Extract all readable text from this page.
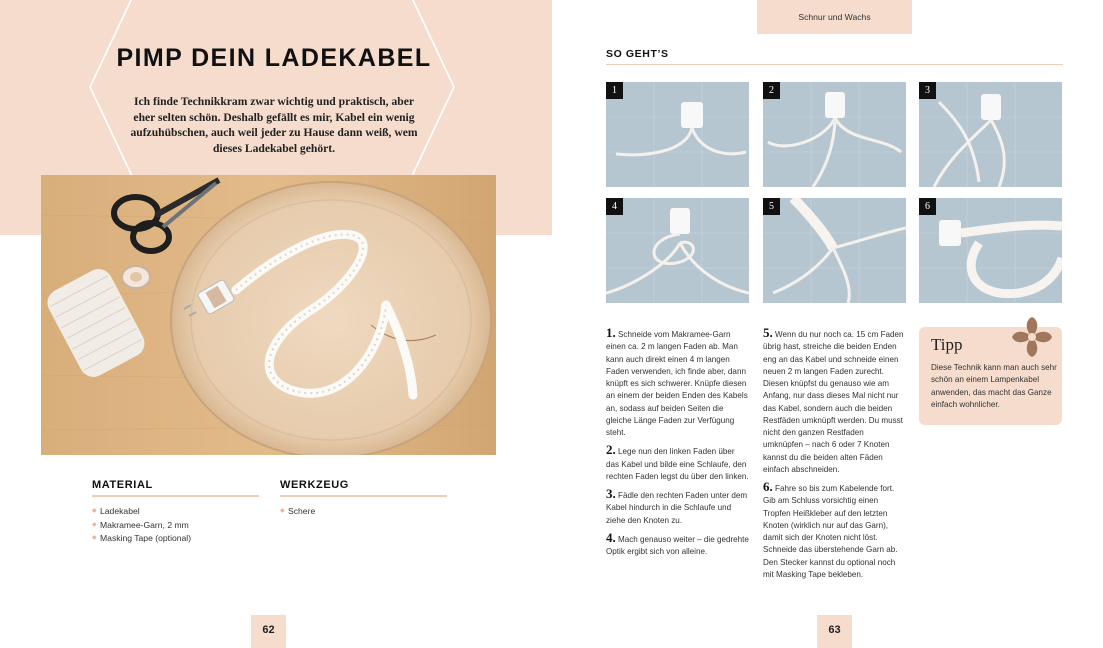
PIMP DEIN LADEKABEL

Ich finde Technikkram zwar wichtig und praktisch, aber eher selten schön. Deshalb gefällt es mir, Kabel ein wenig aufzuhübschen, auch weil jeder zu Hause dann weiß, wem dieses Ladekabel gehört.

MATERIAL
◆ Ladekabel
◆ Makramee-Garn, 2 mm
◆ Masking Tape (optional)
WERKZEUG
◆ Schere
62
Schnur und Wachs
SO GEHT’S
1	2	3
4	5	6

1. Schneide vom Makramee-Garn einen ca. 2 m langen Faden ab. Man kann auch direkt einen 4 m langen Faden verwenden, ich finde aber, dann knüpft es sich schwerer. Knüpfe diesen an einem der beiden Enden des Kabels an, sodass auf beiden Seiten die gleiche Länge Faden zur Verfügung steht.

2. Lege nun den linken Faden über das Kabel und bilde eine Schlaufe, den rechten Faden legst du über den linken.

3. Fädle den rechten Faden unter dem Kabel hindurch in die Schlaufe und ziehe den Knoten zu.

4. Mach genauso weiter – die gedrehte Optik ergibt sich von alleine.

5. Wenn du nur noch ca. 15 cm Faden übrig hast, streiche die beiden Enden eng an das Kabel und schneide einen neuen 2 m langen Faden zurecht. Diesen knüpfst du genauso wie am Anfang, nur dass dieses Mal nicht nur das Kabel, sondern auch die beiden Restfäden umknüpft werden. Du musst nicht den ganzen Restfaden umknüpfen – nach 6 oder 7 Knoten kannst du die beiden alten Fäden einfach abschneiden.

6. Fahre so bis zum Kabelende fort. Gib am Schluss vorsichtig einen Tropfen Heißkleber auf den letzten Knoten (wirklich nur auf das Garn), damit sich der Knoten nicht löst. Schneide das überstehende Garn ab. Den Stecker kannst du optional noch mit Masking Tape bekleben.

Tipp
Diese Technik kann man auch sehr schön an einem Lampenkabel anwenden, das macht das Ganze einfach wohnlicher.
63
